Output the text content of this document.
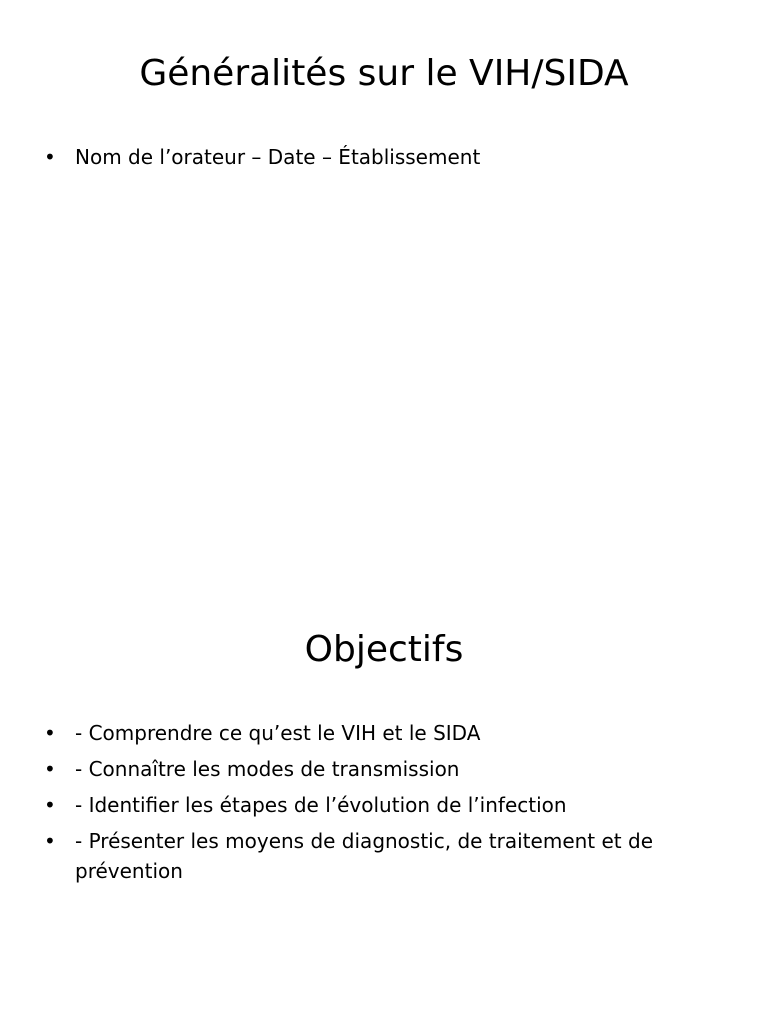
Généralités sur le VIH/SIDA
• Nom de l’orateur – Date – Établissement
Objectifs
• - Comprendre ce qu’est le VIH et le SIDA
• - Connaître les modes de transmission
• - Identifier les étapes de l’évolution de l’infection
• - Présenter les moyens de diagnostic, de traitement et de prévention
